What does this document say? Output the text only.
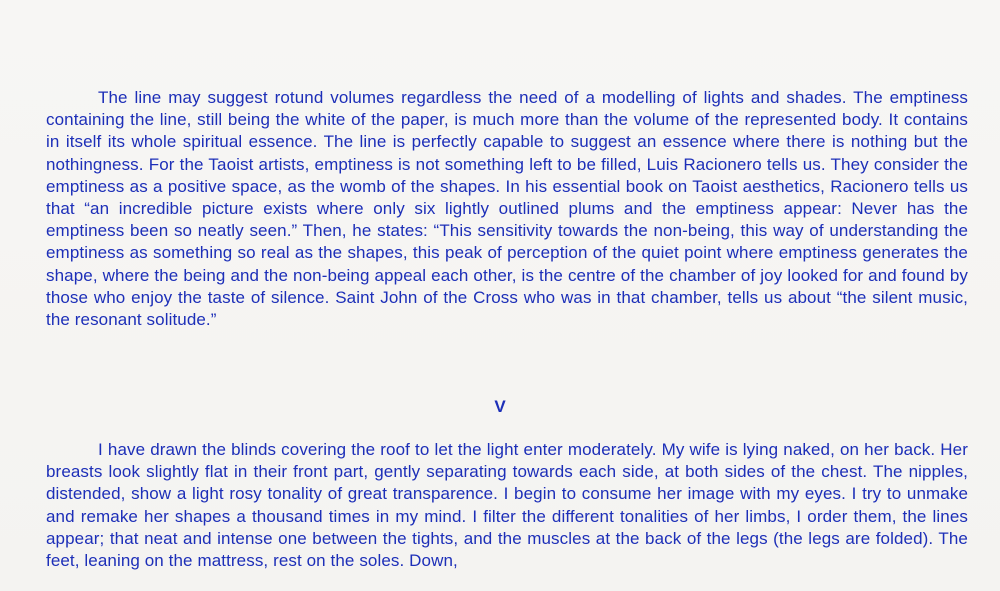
The line may suggest rotund volumes regardless the need of a modelling of lights and shades. The emptiness containing the line, still being the white of the paper, is much more than the volume of the represented body. It contains in itself its whole spiritual essence. The line is perfectly capable to suggest an essence where there is nothing but the nothingness. For the Taoist artists, emptiness is not something left to be filled, Luis Racionero tells us. They consider the emptiness as a positive space, as the womb of the shapes. In his essential book on Taoist aesthetics, Racionero tells us that “an incredible picture exists where only six lightly outlined plums and the emptiness appear: Never has the emptiness been so neatly seen.” Then, he states: “This sensitivity towards the non-being, this way of understanding the emptiness as something so real as the shapes, this peak of perception of the quiet point where emptiness generates the shape, where the being and the non-being appeal each other, is the centre of the chamber of joy looked for and found by those who enjoy the taste of silence. Saint John of the Cross who was in that chamber, tells us about “the silent music, the resonant solitude.”

V

I have drawn the blinds covering the roof to let the light enter moderately. My wife is lying naked, on her back. Her breasts look slightly flat in their front part, gently separating towards each side, at both sides of the chest. The nipples, distended, show a light rosy tonality of great transparence. I begin to consume her image with my eyes. I try to unmake and remake her shapes a thousand times in my mind. I filter the different tonalities of her limbs, I order them, the lines appear; that neat and intense one between the tights, and the muscles at the back of the legs (the legs are folded). The feet, leaning on the mattress, rest on the soles. Down,
